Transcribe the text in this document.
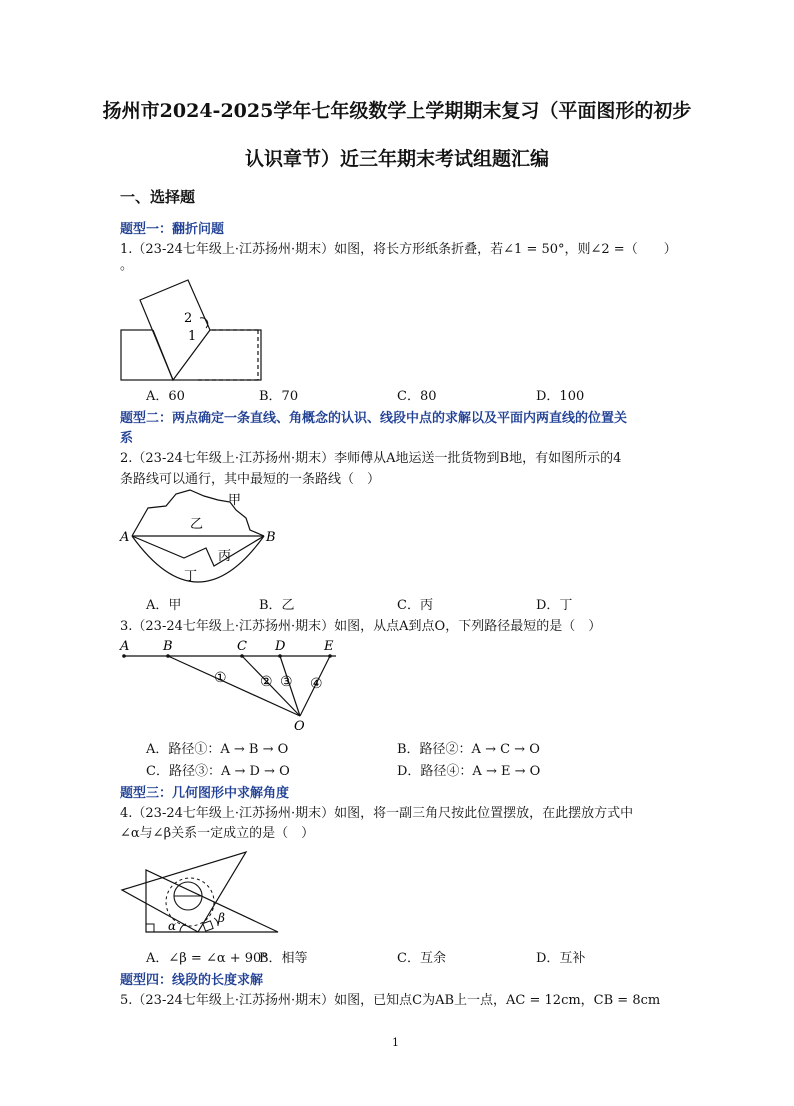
扬州市2024-2025学年七年级数学上学期期末复习（平面图形的初步
认识章节）近三年期末考试组题汇编
一、选择题
题型一：翻折问题
1.（23-24七年级上·江苏扬州·期末）如图，将长方形纸条折叠，若∠1 = 50°，则∠2 =（　　）
。
2
1
A．60	B．70	C．80	D．100
题型二：两点确定一条直线、角概念的认识、线段中点的求解以及平面内两直线的位置关
系
2.（23-24七年级上·江苏扬州·期末）李师傅从A地运送一批货物到B地，有如图所示的4
条路线可以通行，其中最短的一条路线（　）
甲
乙
丙
丁
A	B
A．甲	B．乙	C．丙	D．丁
3.（23-24七年级上·江苏扬州·期末）如图，从点A到点O，下列路径最短的是（　）
A	B	C D	E
O
① ② ③ ④
A．路径①：A → B → O	B．路径②：A → C → O
C．路径③：A → D → O	D．路径④：A → E → O
题型三：几何图形中求解角度
4.（23-24七年级上·江苏扬州·期末）如图，将一副三角尺按此位置摆放，在此摆放方式中
∠α与∠β关系一定成立的是（　）
α
β
A．∠β = ∠α + 90°
B．相等	C．互余	D．互补
题型四：线段的长度求解
5.（23-24七年级上·江苏扬州·期末）如图，已知点C为AB上一点，AC = 12cm，CB = 8cm
1
